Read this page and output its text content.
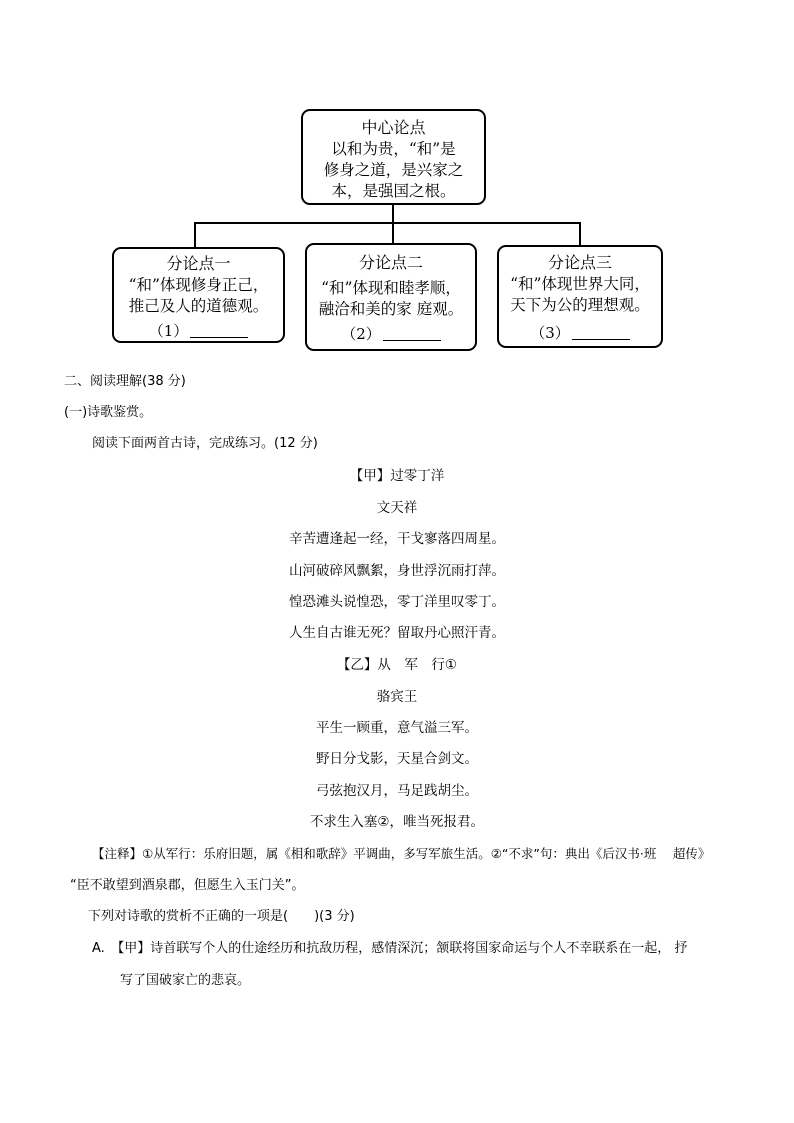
中心论点
以和为贵，“和”是
修身之道，是兴家之
本，是强国之根。
分论点一
“和”体现修身正己，
推己及人的道德观。
（1）
分论点二
“和”体现和睦孝顺，
融洽和美的家 庭观。
（2）
分论点三
“和”体现世界大同，
天下为公的理想观。
（3）
二、阅读理解(38 分)
(一)诗歌鉴赏。
阅读下面两首古诗，完成练习。(12 分)
【甲】过零丁洋
文天祥
辛苦遭逢起一经，干戈寥落四周星。
山河破碎风飘絮，身世浮沉雨打萍。
惶恐滩头说惶恐，零丁洋里叹零丁。
人生自古谁无死？留取丹心照汗青。
【乙】从　军　行①
骆宾王
平生一顾重，意气溢三军。
野日分戈影，天星合剑文。
弓弦抱汉月，马足践胡尘。
不求生入塞②，唯当死报君。
【注释】①从军行：乐府旧题，属《相和歌辞》平调曲，多写军旅生活。②“不求”句：典出《后汉书·班　 超传》
“臣不敢望到酒泉郡，但愿生入玉门关”。
下列对诗歌的赏析不正确的一项是(　　)(3 分)
A.　【甲】诗首联写个人的仕途经历和抗敌历程，感情深沉；颔联将国家命运与个人不幸联系在一起， 抒
写了国破家亡的悲哀。
